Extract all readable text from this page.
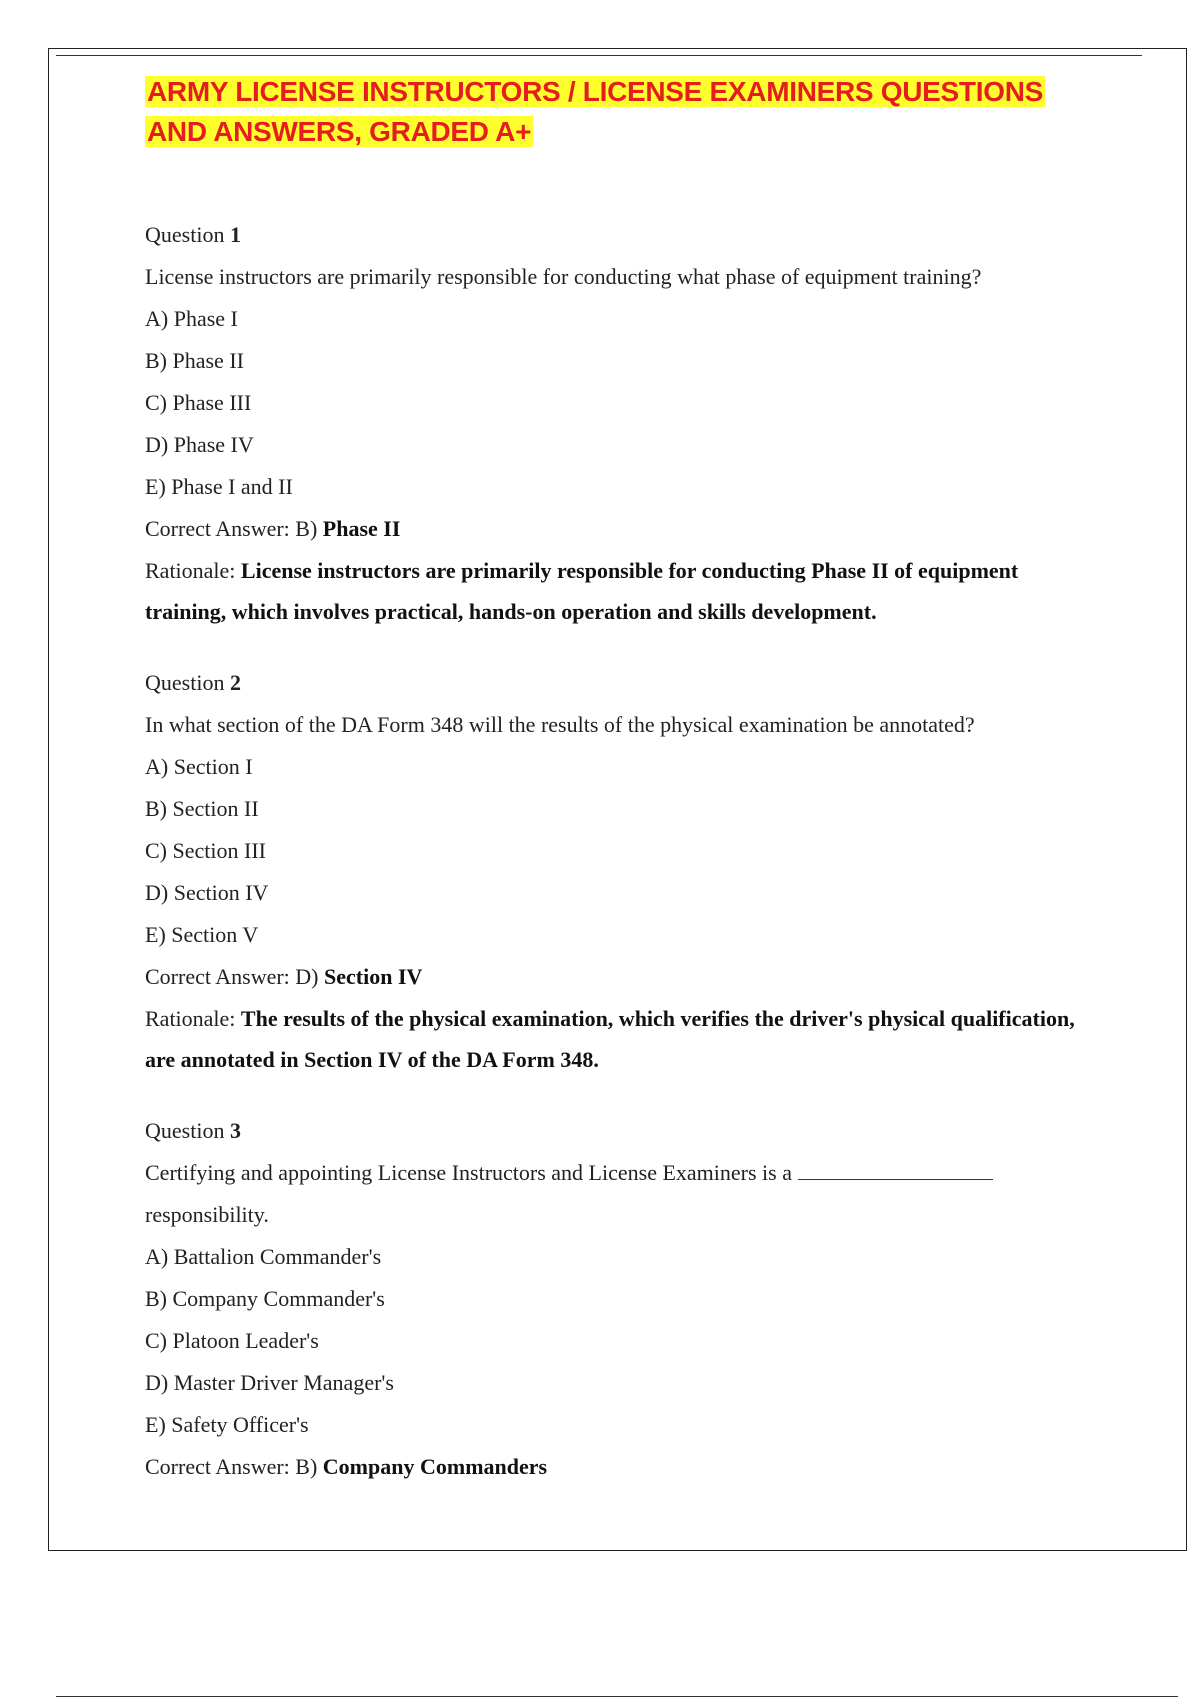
ARMY LICENSE INSTRUCTORS / LICENSE EXAMINERS QUESTIONS AND ANSWERS, GRADED A+

Question 1

License instructors are primarily responsible for conducting what phase of equipment training?

A) Phase I

B) Phase II

C) Phase III

D) Phase IV

E) Phase I and II

Correct Answer: B) Phase II

Rationale: License instructors are primarily responsible for conducting Phase II of equipment training, which involves practical, hands-on operation and skills development.

Question 2

In what section of the DA Form 348 will the results of the physical examination be annotated?

A) Section I

B) Section II

C) Section III

D) Section IV

E) Section V

Correct Answer: D) Section IV

Rationale: The results of the physical examination, which verifies the driver's physical qualification, are annotated in Section IV of the DA Form 348.

Question 3

Certifying and appointing License Instructors and License Examiners is a

responsibility.

A) Battalion Commander's

B) Company Commander's

C) Platoon Leader's

D) Master Driver Manager's

E) Safety Officer's

Correct Answer: B) Company Commanders
